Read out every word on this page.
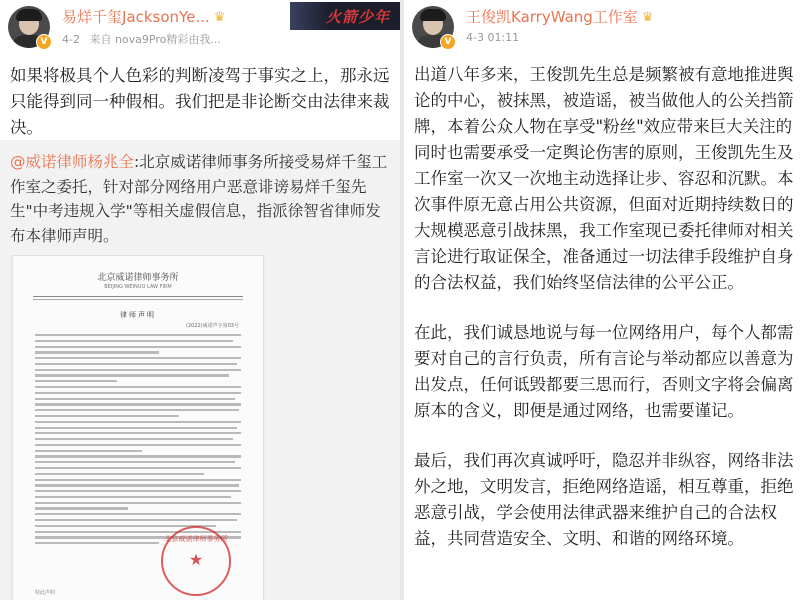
V
易烊千玺JacksonYe... ♛
4-2 来自 nova9Pro精彩由我...
火箭少年
如果将极具个人色彩的判断凌驾于事实之上，那永远只能得到同一种假相。我们把是非论断交由法律来裁决。
@威诺律师杨兆全:北京威诺律师事务所接受易烊千玺工作室之委托，针对部分网络用户恶意诽谤易烊千玺先生"中考违规入学"等相关虚假信息，指派徐智省律师发布本律师声明。
北京威诺律师事务所
BEIJING WEINUO LAW FIRM
律师声明
(2022)威诺声字第03号
特此声明
北京威诺律师事务所
★
V
王俊凯KarryWang工作室 ♛
4-3 01:11

出道八年多来，王俊凯先生总是频繁被有意地推进舆论的中心，被抹黑，被造谣，被当做他人的公关挡箭牌，本着公众人物在享受"粉丝"效应带来巨大关注的同时也需要承受一定舆论伤害的原则，王俊凯先生及工作室一次又一次地主动选择让步、容忍和沉默。本次事件原无意占用公共资源，但面对近期持续数日的大规模恶意引战抹黑，我工作室现已委托律师对相关言论进行取证保全，准备通过一切法律手段维护自身的合法权益，我们始终坚信法律的公平公正。

在此，我们诚恳地说与每一位网络用户，每个人都需要对自己的言行负责，所有言论与举动都应以善意为出发点，任何诋毁都要三思而行，否则文字将会偏离原本的含义，即便是通过网络，也需要谨记。

最后，我们再次真诚呼吁，隐忍并非纵容，网络非法外之地，文明发言，拒绝网络造谣，相互尊重，拒绝恶意引战，学会使用法律武器来维护自己的合法权益，共同营造安全、文明、和谐的网络环境。
